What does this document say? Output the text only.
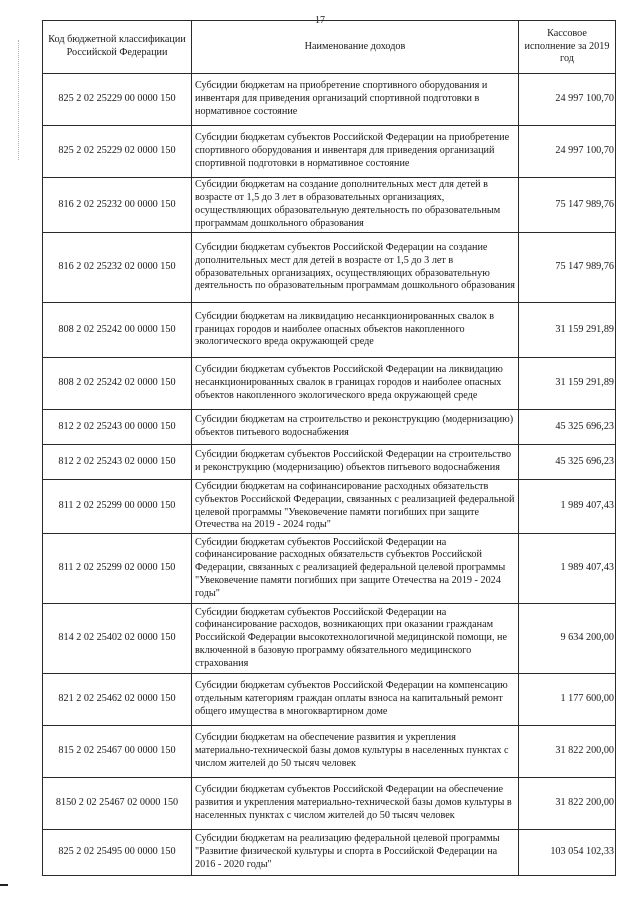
17
Код бюджетной классификации Российской Федерации	Наименование доходов	Кассовое исполнение за 2019 год
825 2 02 25229 00 0000 150	Субсидии бюджетам на приобретение спортивного оборудования и инвентаря для приведения организаций спортивной подготовки в нормативное состояние	24 997 100,70
825 2 02 25229 02 0000 150	Субсидии бюджетам субъектов Российской Федерации на приобретение спортивного оборудования и инвентаря для приведения организаций спортивной подготовки в нормативное состояние	24 997 100,70
816 2 02 25232 00 0000 150	Субсидии бюджетам на создание дополнительных мест для детей в возрасте от 1,5 до 3 лет в образовательных организациях, осуществляющих образовательную деятельность по образовательным программам дошкольного образования	75 147 989,76
816 2 02 25232 02 0000 150	Субсидии бюджетам субъектов Российской Федерации на создание дополнительных мест для детей в возрасте от 1,5 до 3 лет в образовательных организациях, осуществляющих образовательную деятельность по образовательным программам дошкольного образования	75 147 989,76
808 2 02 25242 00 0000 150	Субсидии бюджетам на ликвидацию несанкционированных свалок в границах городов и наиболее опасных объектов накопленного экологического вреда окружающей среде	31 159 291,89
808 2 02 25242 02 0000 150	Субсидии бюджетам субъектов Российской Федерации на ликвидацию несанкционированных свалок в границах городов и наиболее опасных объектов накопленного экологического вреда окружающей среде	31 159 291,89
812 2 02 25243 00 0000 150	Субсидии бюджетам на строительство и реконструкцию (модернизацию) объектов питьевого водоснабжения	45 325 696,23
812 2 02 25243 02 0000 150	Субсидии бюджетам субъектов Российской Федерации на строительство и реконструкцию (модернизацию) объектов питьевого водоснабжения	45 325 696,23
811 2 02 25299 00 0000 150	Субсидии бюджетам на софинансирование расходных обязательств субъектов Российской Федерации, связанных с реализацией федеральной целевой программы "Увековечение памяти погибших при защите Отечества на 2019 - 2024 годы"	1 989 407,43
811 2 02 25299 02 0000 150	Субсидии бюджетам субъектов Российской Федерации на софинансирование расходных обязательств субъектов Российской Федерации, связанных с реализацией федеральной целевой программы "Увековечение памяти погибших при защите Отечества на 2019 - 2024 годы"	1 989 407,43
814 2 02 25402 02 0000 150	Субсидии бюджетам субъектов Российской Федерации на софинансирование расходов, возникающих при оказании гражданам Российской Федерации высокотехнологичной медицинской помощи, не включенной в базовую программу обязательного медицинского страхования	9 634 200,00
821 2 02 25462 02 0000 150	Субсидии бюджетам субъектов Российской Федерации на компенсацию отдельным категориям граждан оплаты взноса на капитальный ремонт общего имущества в многоквартирном доме	1 177 600,00
815 2 02 25467 00 0000 150	Субсидии бюджетам на обеспечение развития и укрепления материально-технической базы домов культуры в населенных пунктах с числом жителей до 50 тысяч человек	31 822 200,00
8150 2 02 25467 02 0000 150	Субсидии бюджетам субъектов Российской Федерации на обеспечение развития и укрепления материально-технической базы домов культуры в населенных пунктах с числом жителей до 50 тысяч человек	31 822 200,00
825 2 02 25495 00 0000 150	Субсидии бюджетам на реализацию федеральной целевой программы "Развитие физической культуры и спорта в Российской Федерации на 2016 - 2020 годы"	103 054 102,33
